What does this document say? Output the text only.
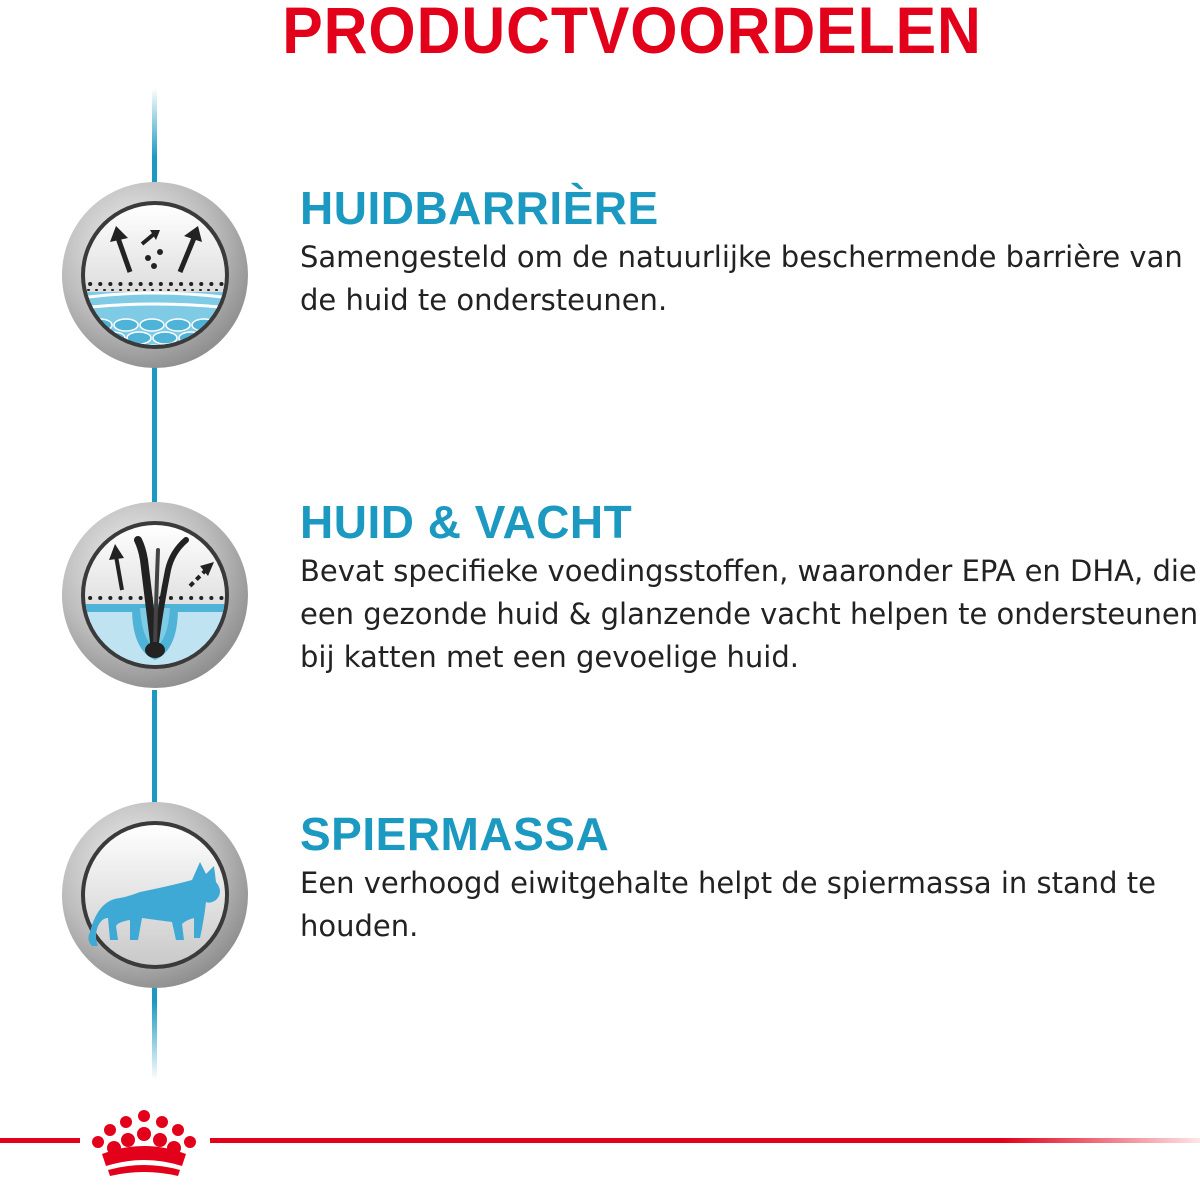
PRODUCTVOORDELEN
HUIDBARRIÈRE

Samengesteld om de natuurlijke beschermende barrière van de huid te ondersteunen.

HUID & VACHT

Bevat specifieke voedingsstoffen, waaronder EPA en DHA, die een gezonde huid & glanzende vacht helpen te ondersteunen bij katten met een gevoelige huid.

SPIERMASSA

Een verhoogd eiwitgehalte helpt de spiermassa in stand te houden.
